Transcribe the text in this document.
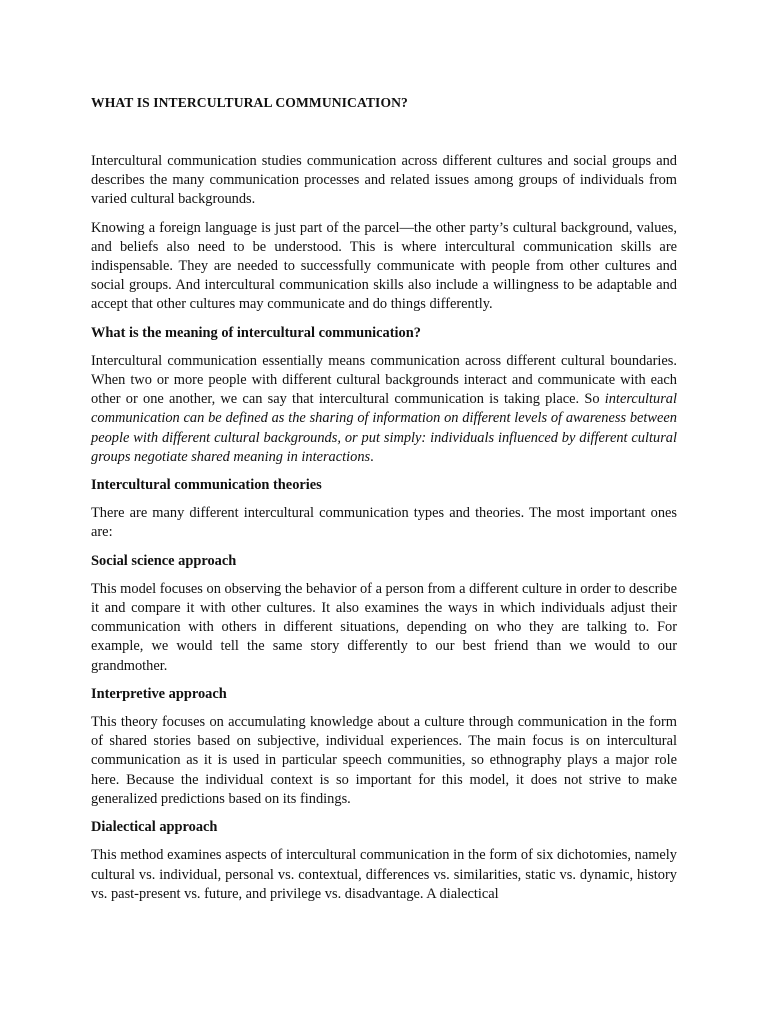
WHAT IS INTERCULTURAL COMMUNICATION?

Intercultural communication studies communication across different cultures and social groups and describes the many communication processes and related issues among groups of individuals from varied cultural backgrounds.

Knowing a foreign language is just part of the parcel—the other party’s cultural background, values, and beliefs also need to be understood. This is where intercultural communication skills are indispensable. They are needed to successfully communicate with people from other cultures and social groups. And intercultural communication skills also include a willingness to be adaptable and accept that other cultures may communicate and do things differently.

What is the meaning of intercultural communication?

Intercultural communication essentially means communication across different cultural boundaries. When two or more people with different cultural backgrounds interact and communicate with each other or one another, we can say that intercultural communication is taking place. So intercultural communication can be defined as the sharing of information on different levels of awareness between people with different cultural backgrounds, or put simply: individuals influenced by different cultural groups negotiate shared meaning in interactions.

Intercultural communication theories

There are many different intercultural communication types and theories. The most important ones are:

Social science approach

This model focuses on observing the behavior of a person from a different culture in order to describe it and compare it with other cultures. It also examines the ways in which individuals adjust their communication with others in different situations, depending on who they are talking to. For example, we would tell the same story differently to our best friend than we would to our grandmother.

Interpretive approach

This theory focuses on accumulating knowledge about a culture through communication in the form of shared stories based on subjective, individual experiences. The main focus is on intercultural communication as it is used in particular speech communities, so ethnography plays a major role here. Because the individual context is so important for this model, it does not strive to make generalized predictions based on its findings.

Dialectical approach

This method examines aspects of intercultural communication in the form of six dichotomies, namely cultural vs. individual, personal vs. contextual, differences vs. similarities, static vs. dynamic, history vs. past-present vs. future, and privilege vs. disadvantage. A dialectical
